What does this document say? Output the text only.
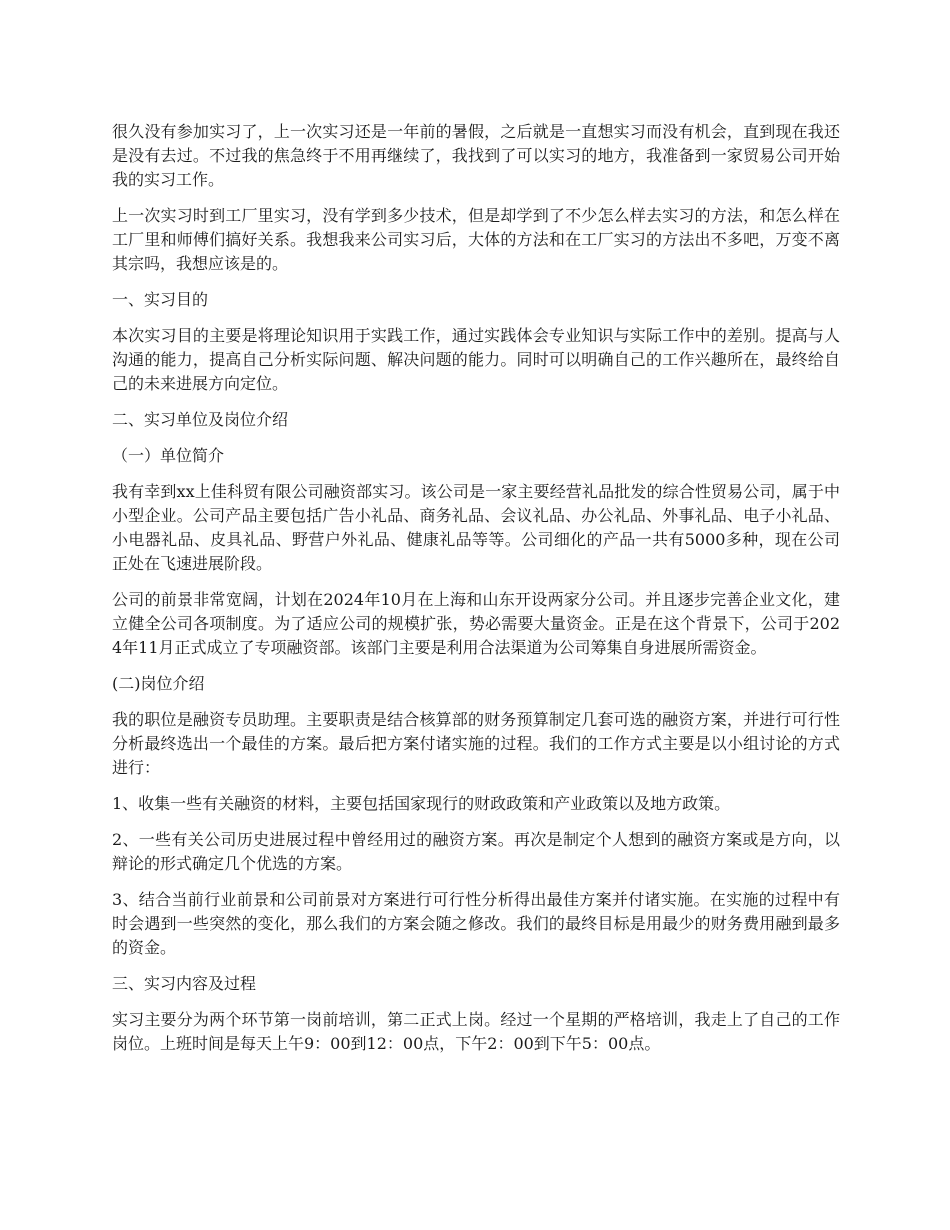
很久没有参加实习了，上一次实习还是一年前的暑假，之后就是一直想实习而没有机会，直到现在我还是没有去过。不过我的焦急终于不用再继续了，我找到了可以实习的地方，我准备到一家贸易公司开始我的实习工作。

上一次实习时到工厂里实习，没有学到多少技术，但是却学到了不少怎么样去实习的方法，和怎么样在工厂里和师傅们搞好关系。我想我来公司实习后，大体的方法和在工厂实习的方法出不多吧，万变不离其宗吗，我想应该是的。

一、实习目的

本次实习目的主要是将理论知识用于实践工作，通过实践体会专业知识与实际工作中的差别。提高与人沟通的能力，提高自己分析实际问题、解决问题的能力。同时可以明确自己的工作兴趣所在，最终给自己的未来进展方向定位。

二、实习单位及岗位介绍

（一）单位简介

我有幸到xx上佳科贸有限公司融资部实习。该公司是一家主要经营礼品批发的综合性贸易公司，属于中小型企业。公司产品主要包括广告小礼品、商务礼品、会议礼品、办公礼品、外事礼品、电子小礼品、小电器礼品、皮具礼品、野营户外礼品、健康礼品等等。公司细化的产品一共有5000多种，现在公司正处在飞速进展阶段。

公司的前景非常宽阔，计划在2024年10月在上海和山东开设两家分公司。并且逐步完善企业文化，建立健全公司各项制度。为了适应公司的规模扩张，势必需要大量资金。正是在这个背景下，公司于2024年11月正式成立了专项融资部。该部门主要是利用合法渠道为公司筹集自身进展所需资金。

(二)岗位介绍

我的职位是融资专员助理。主要职责是结合核算部的财务预算制定几套可选的融资方案，并进行可行性分析最终选出一个最佳的方案。最后把方案付诸实施的过程。我们的工作方式主要是以小组讨论的方式进行：

1、收集一些有关融资的材料，主要包括国家现行的财政政策和产业政策以及地方政策。

2、一些有关公司历史进展过程中曾经用过的融资方案。再次是制定个人想到的融资方案或是方向，以辩论的形式确定几个优选的方案。

3、结合当前行业前景和公司前景对方案进行可行性分析得出最佳方案并付诸实施。在实施的过程中有时会遇到一些突然的变化，那么我们的方案会随之修改。我们的最终目标是用最少的财务费用融到最多的资金。

三、实习内容及过程

实习主要分为两个环节第一岗前培训，第二正式上岗。经过一个星期的严格培训，我走上了自己的工作岗位。上班时间是每天上午9：00到12：00点，下午2：00到下午5：00点。
